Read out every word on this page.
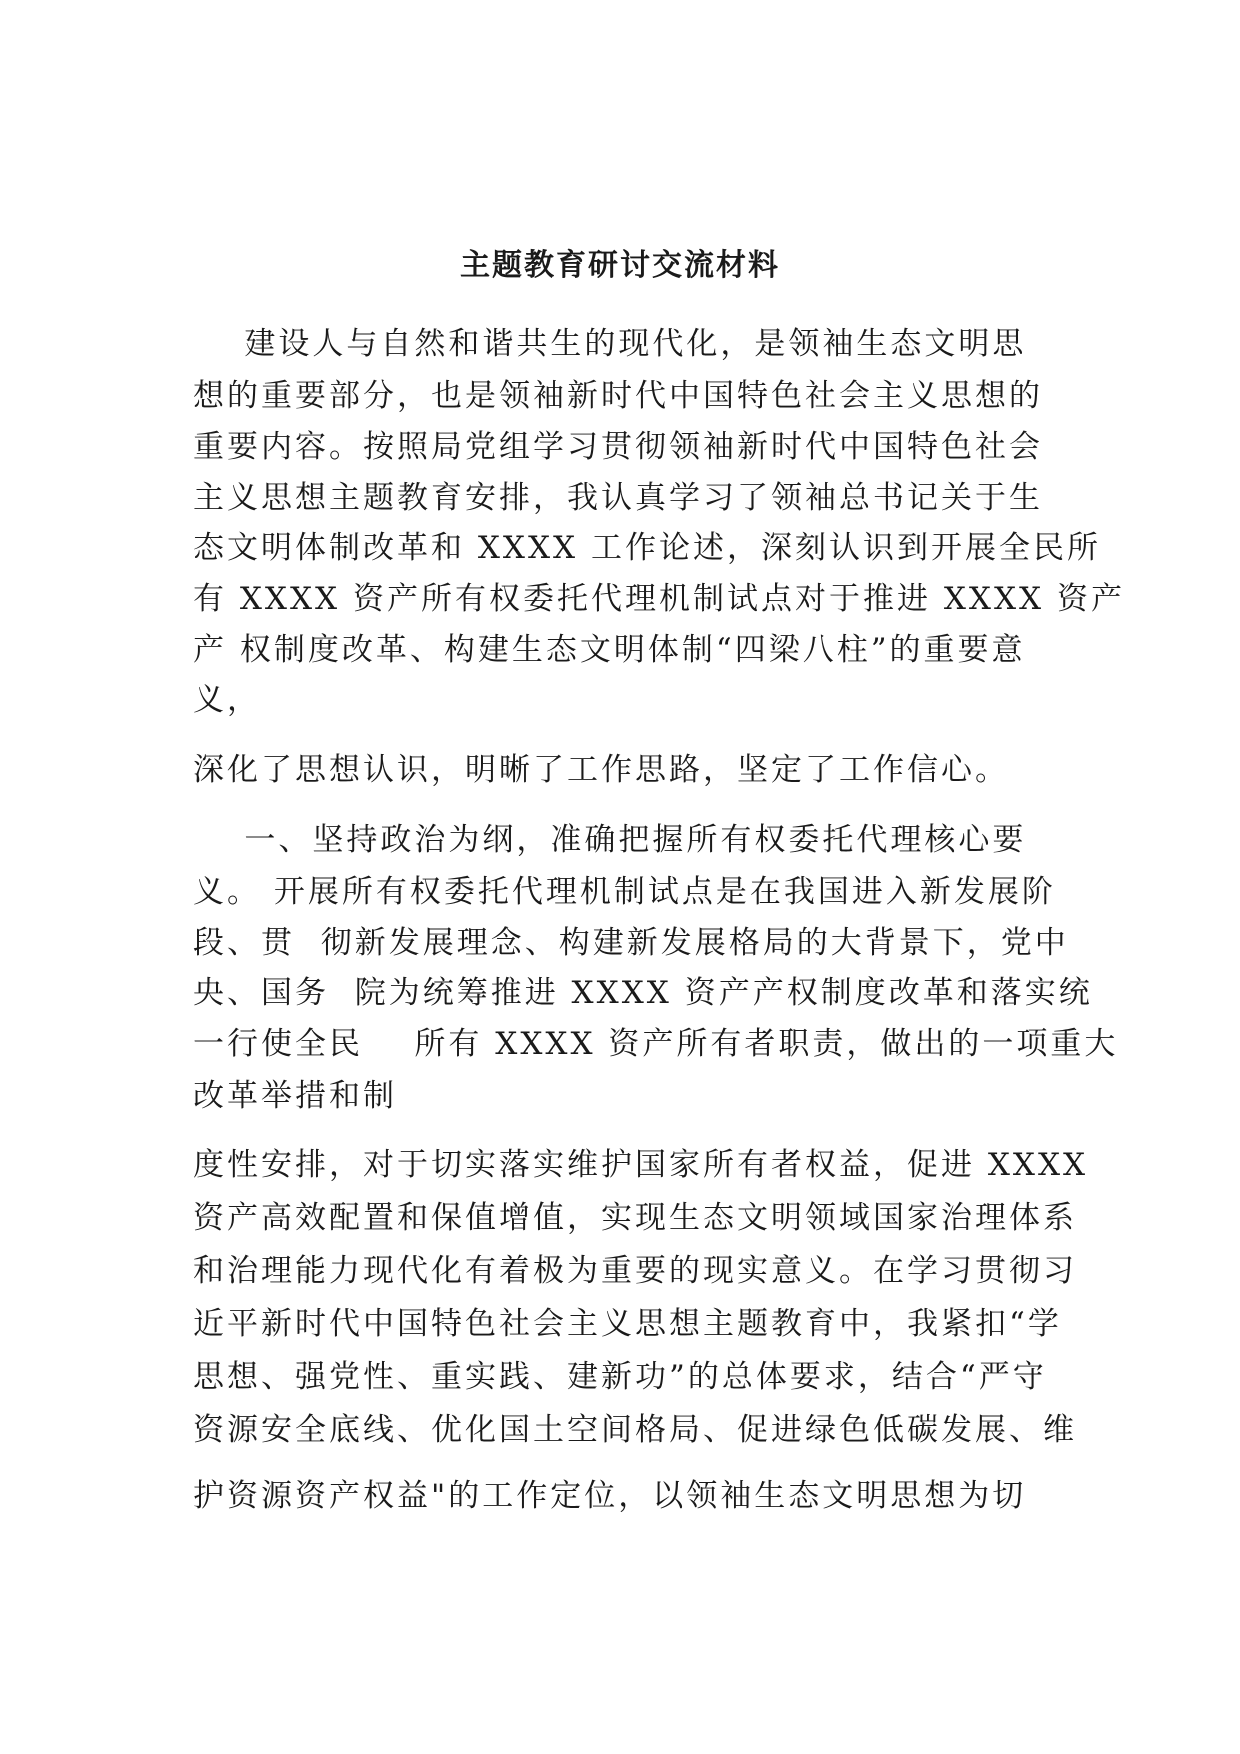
主题教育研讨交流材料
建设人与自然和谐共生的现代化，是领袖生态文明思
想的重要部分，也是领袖新时代中国特色社会主义思想的
重要内容。按照局党组学习贯彻领袖新时代中国特色社会
主义思想主题教育安排，我认真学习了领袖总书记关于生
态文明体制改革和 XXXX 工作论述，深刻认识到开展全民所
有 XXXX 资产所有权委托代理机制试点对于推进 XXXX 资产
产 权制度改革、构建生态文明体制“四梁八柱”的重要意
义，
深化了思想认识，明晰了工作思路，坚定了工作信心。
一、坚持政治为纲，准确把握所有权委托代理核心要
义。 开展所有权委托代理机制试点是在我国进入新发展阶
段、贯  彻新发展理念、构建新发展格局的大背景下，党中
央、国务  院为统筹推进 XXXX 资产产权制度改革和落实统
一行使全民    所有 XXXX 资产所有者职责，做出的一项重大
改革举措和制
度性安排，对于切实落实维护国家所有者权益，促进 XXXX
资产高效配置和保值增值，实现生态文明领域国家治理体系
和治理能力现代化有着极为重要的现实意义。在学习贯彻习
近平新时代中国特色社会主义思想主题教育中，我紧扣“学
思想、强党性、重实践、建新功”的总体要求，结合“严守
资源安全底线、优化国土空间格局、促进绿色低碳发展、维
护资源资产权益"的工作定位，以领袖生态文明思想为切
